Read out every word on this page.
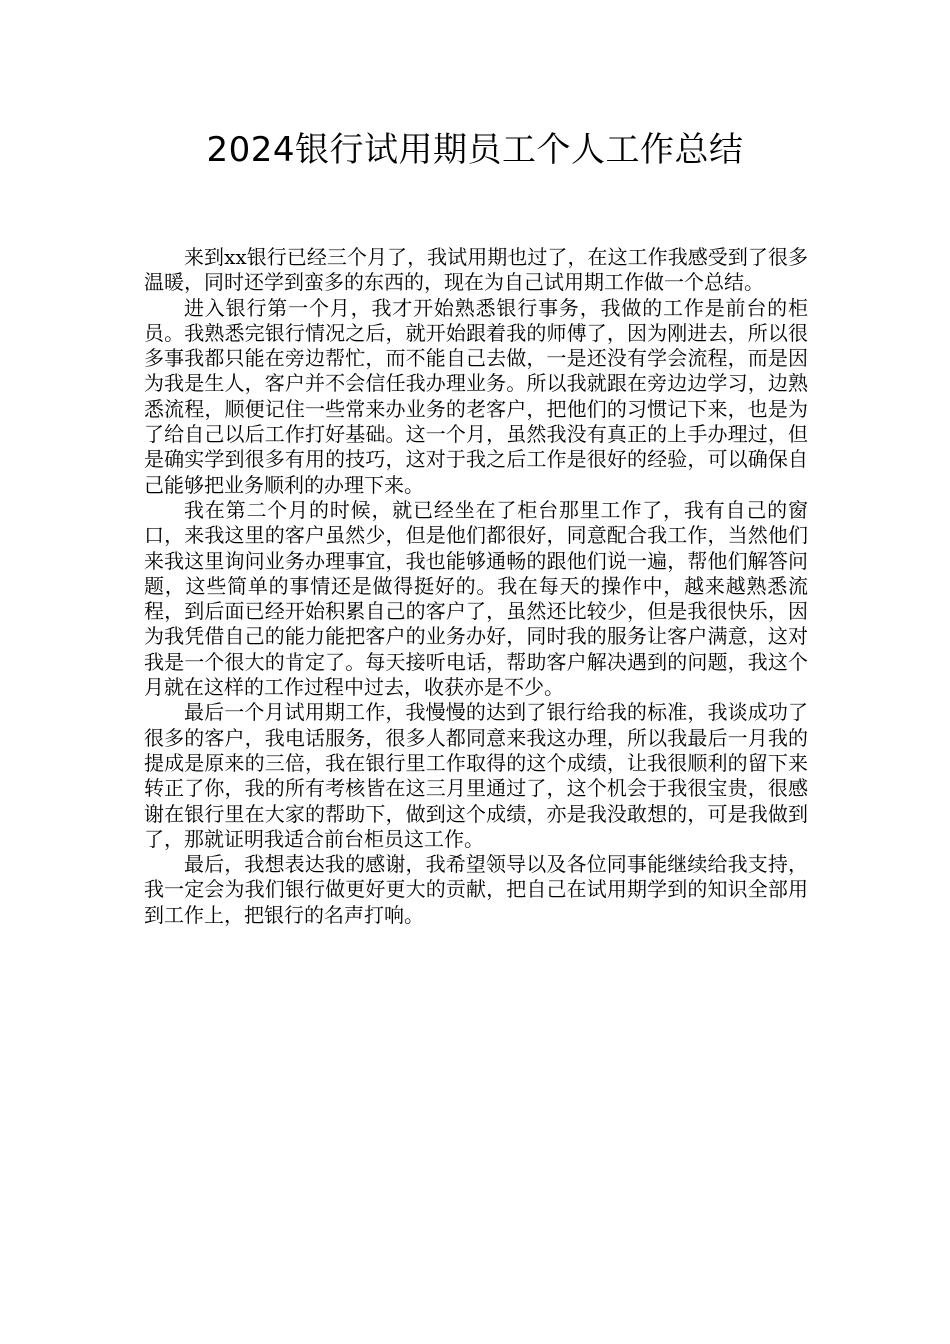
2024银行试用期员工个人工作总结

来到xx银行已经三个月了，我试用期也过了，在这工作我感受到了很多温暖，同时还学到蛮多的东西的，现在为自己试用期工作做一个总结。

进入银行第一个月，我才开始熟悉银行事务，我做的工作是前台的柜员。我熟悉完银行情况之后，就开始跟着我的师傅了，因为刚进去，所以很多事我都只能在旁边帮忙，而不能自己去做，一是还没有学会流程，而是因为我是生人，客户并不会信任我办理业务。所以我就跟在旁边边学习，边熟悉流程，顺便记住一些常来办业务的老客户，把他们的习惯记下来，也是为了给自己以后工作打好基础。这一个月，虽然我没有真正的上手办理过，但是确实学到很多有用的技巧，这对于我之后工作是很好的经验，可以确保自己能够把业务顺利的办理下来。

我在第二个月的时候，就已经坐在了柜台那里工作了，我有自己的窗口，来我这里的客户虽然少，但是他们都很好，同意配合我工作，当然他们来我这里询问业务办理事宜，我也能够通畅的跟他们说一遍，帮他们解答问题，这些简单的事情还是做得挺好的。我在每天的操作中，越来越熟悉流程，到后面已经开始积累自己的客户了，虽然还比较少，但是我很快乐，因为我凭借自己的能力能把客户的业务办好，同时我的服务让客户满意，这对我是一个很大的肯定了。每天接听电话，帮助客户解决遇到的问题，我这个月就在这样的工作过程中过去，收获亦是不少。

最后一个月试用期工作，我慢慢的达到了银行给我的标准，我谈成功了很多的客户，我电话服务，很多人都同意来我这办理，所以我最后一月我的提成是原来的三倍，我在银行里工作取得的这个成绩，让我很顺利的留下来转正了你，我的所有考核皆在这三月里通过了，这个机会于我很宝贵，很感谢在银行里在大家的帮助下，做到这个成绩，亦是我没敢想的，可是我做到了，那就证明我适合前台柜员这工作。

最后，我想表达我的感谢，我希望领导以及各位同事能继续给我支持，我一定会为我们银行做更好更大的贡献，把自己在试用期学到的知识全部用到工作上，把银行的名声打响。
